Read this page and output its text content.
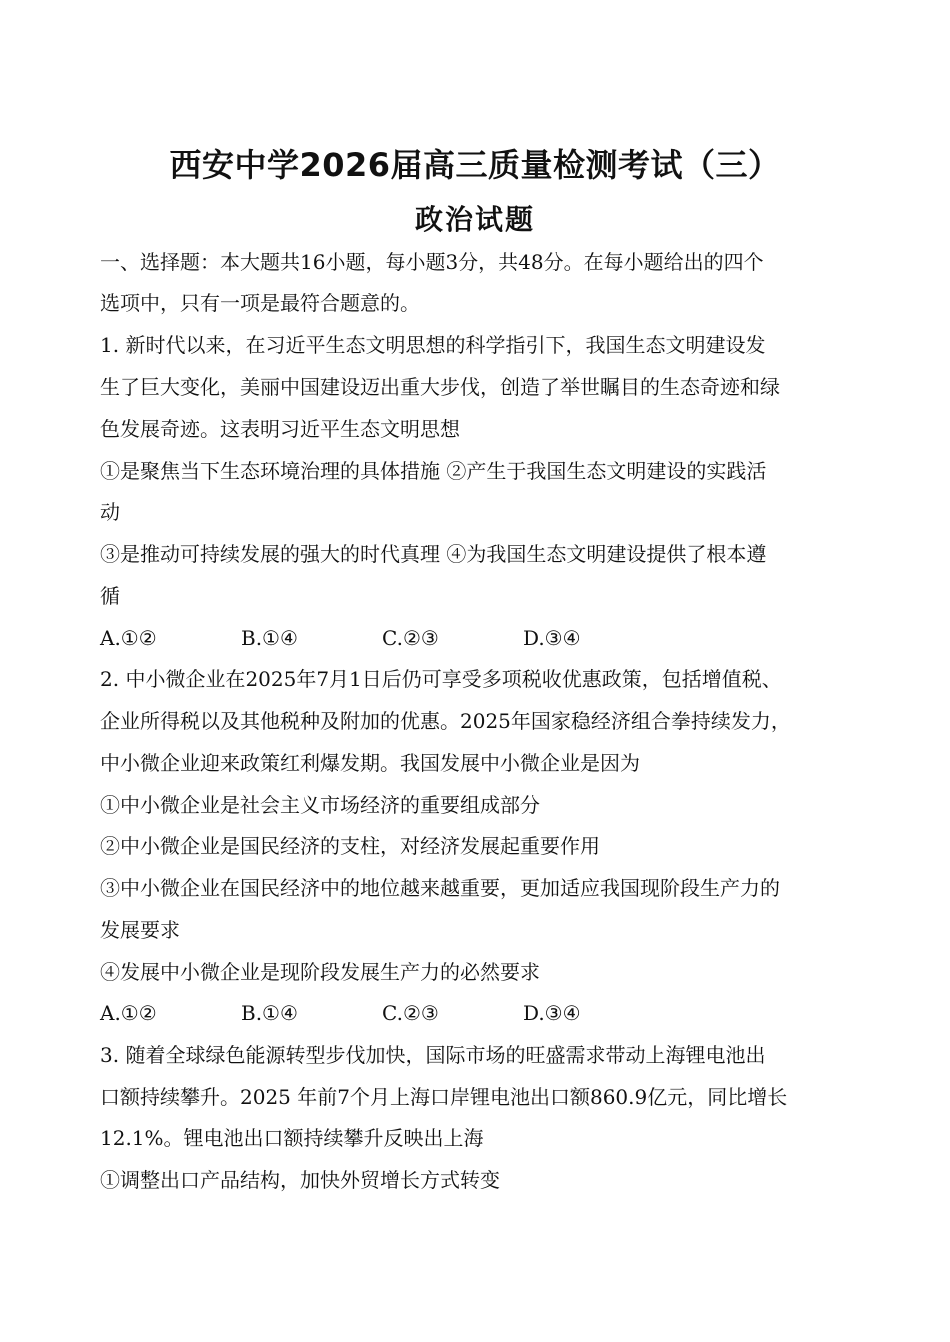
西安中学2026届高三质量检测考试（三）
政治试题
一、选择题：本大题共16小题，每小题3分，共48分。在每小题给出的四个
选项中，只有一项是最符合题意的。
1. 新时代以来，在习近平生态文明思想的科学指引下，我国生态文明建设发
生了巨大变化，美丽中国建设迈出重大步伐，创造了举世瞩目的生态奇迹和绿
色发展奇迹。这表明习近平生态文明思想
①是聚焦当下生态环境治理的具体措施 ②产生于我国生态文明建设的实践活
动
③是推动可持续发展的强大的时代真理 ④为我国生态文明建设提供了根本遵
循
A.①②	B.①④	C.②③	D.③④
2. 中小微企业在2025年7月1日后仍可享受多项税收优惠政策，包括增值税、
企业所得税以及其他税种及附加的优惠。2025年国家稳经济组合拳持续发力，
中小微企业迎来政策红利爆发期。我国发展中小微企业是因为
①中小微企业是社会主义市场经济的重要组成部分
②中小微企业是国民经济的支柱，对经济发展起重要作用
③中小微企业在国民经济中的地位越来越重要，更加适应我国现阶段生产力的
发展要求
④发展中小微企业是现阶段发展生产力的必然要求
A.①②	B.①④	C.②③	D.③④
3. 随着全球绿色能源转型步伐加快，国际市场的旺盛需求带动上海锂电池出
口额持续攀升。2025 年前7个月上海口岸锂电池出口额860.9亿元，同比增长
12.1%。锂电池出口额持续攀升反映出上海
①调整出口产品结构，加快外贸增长方式转变
